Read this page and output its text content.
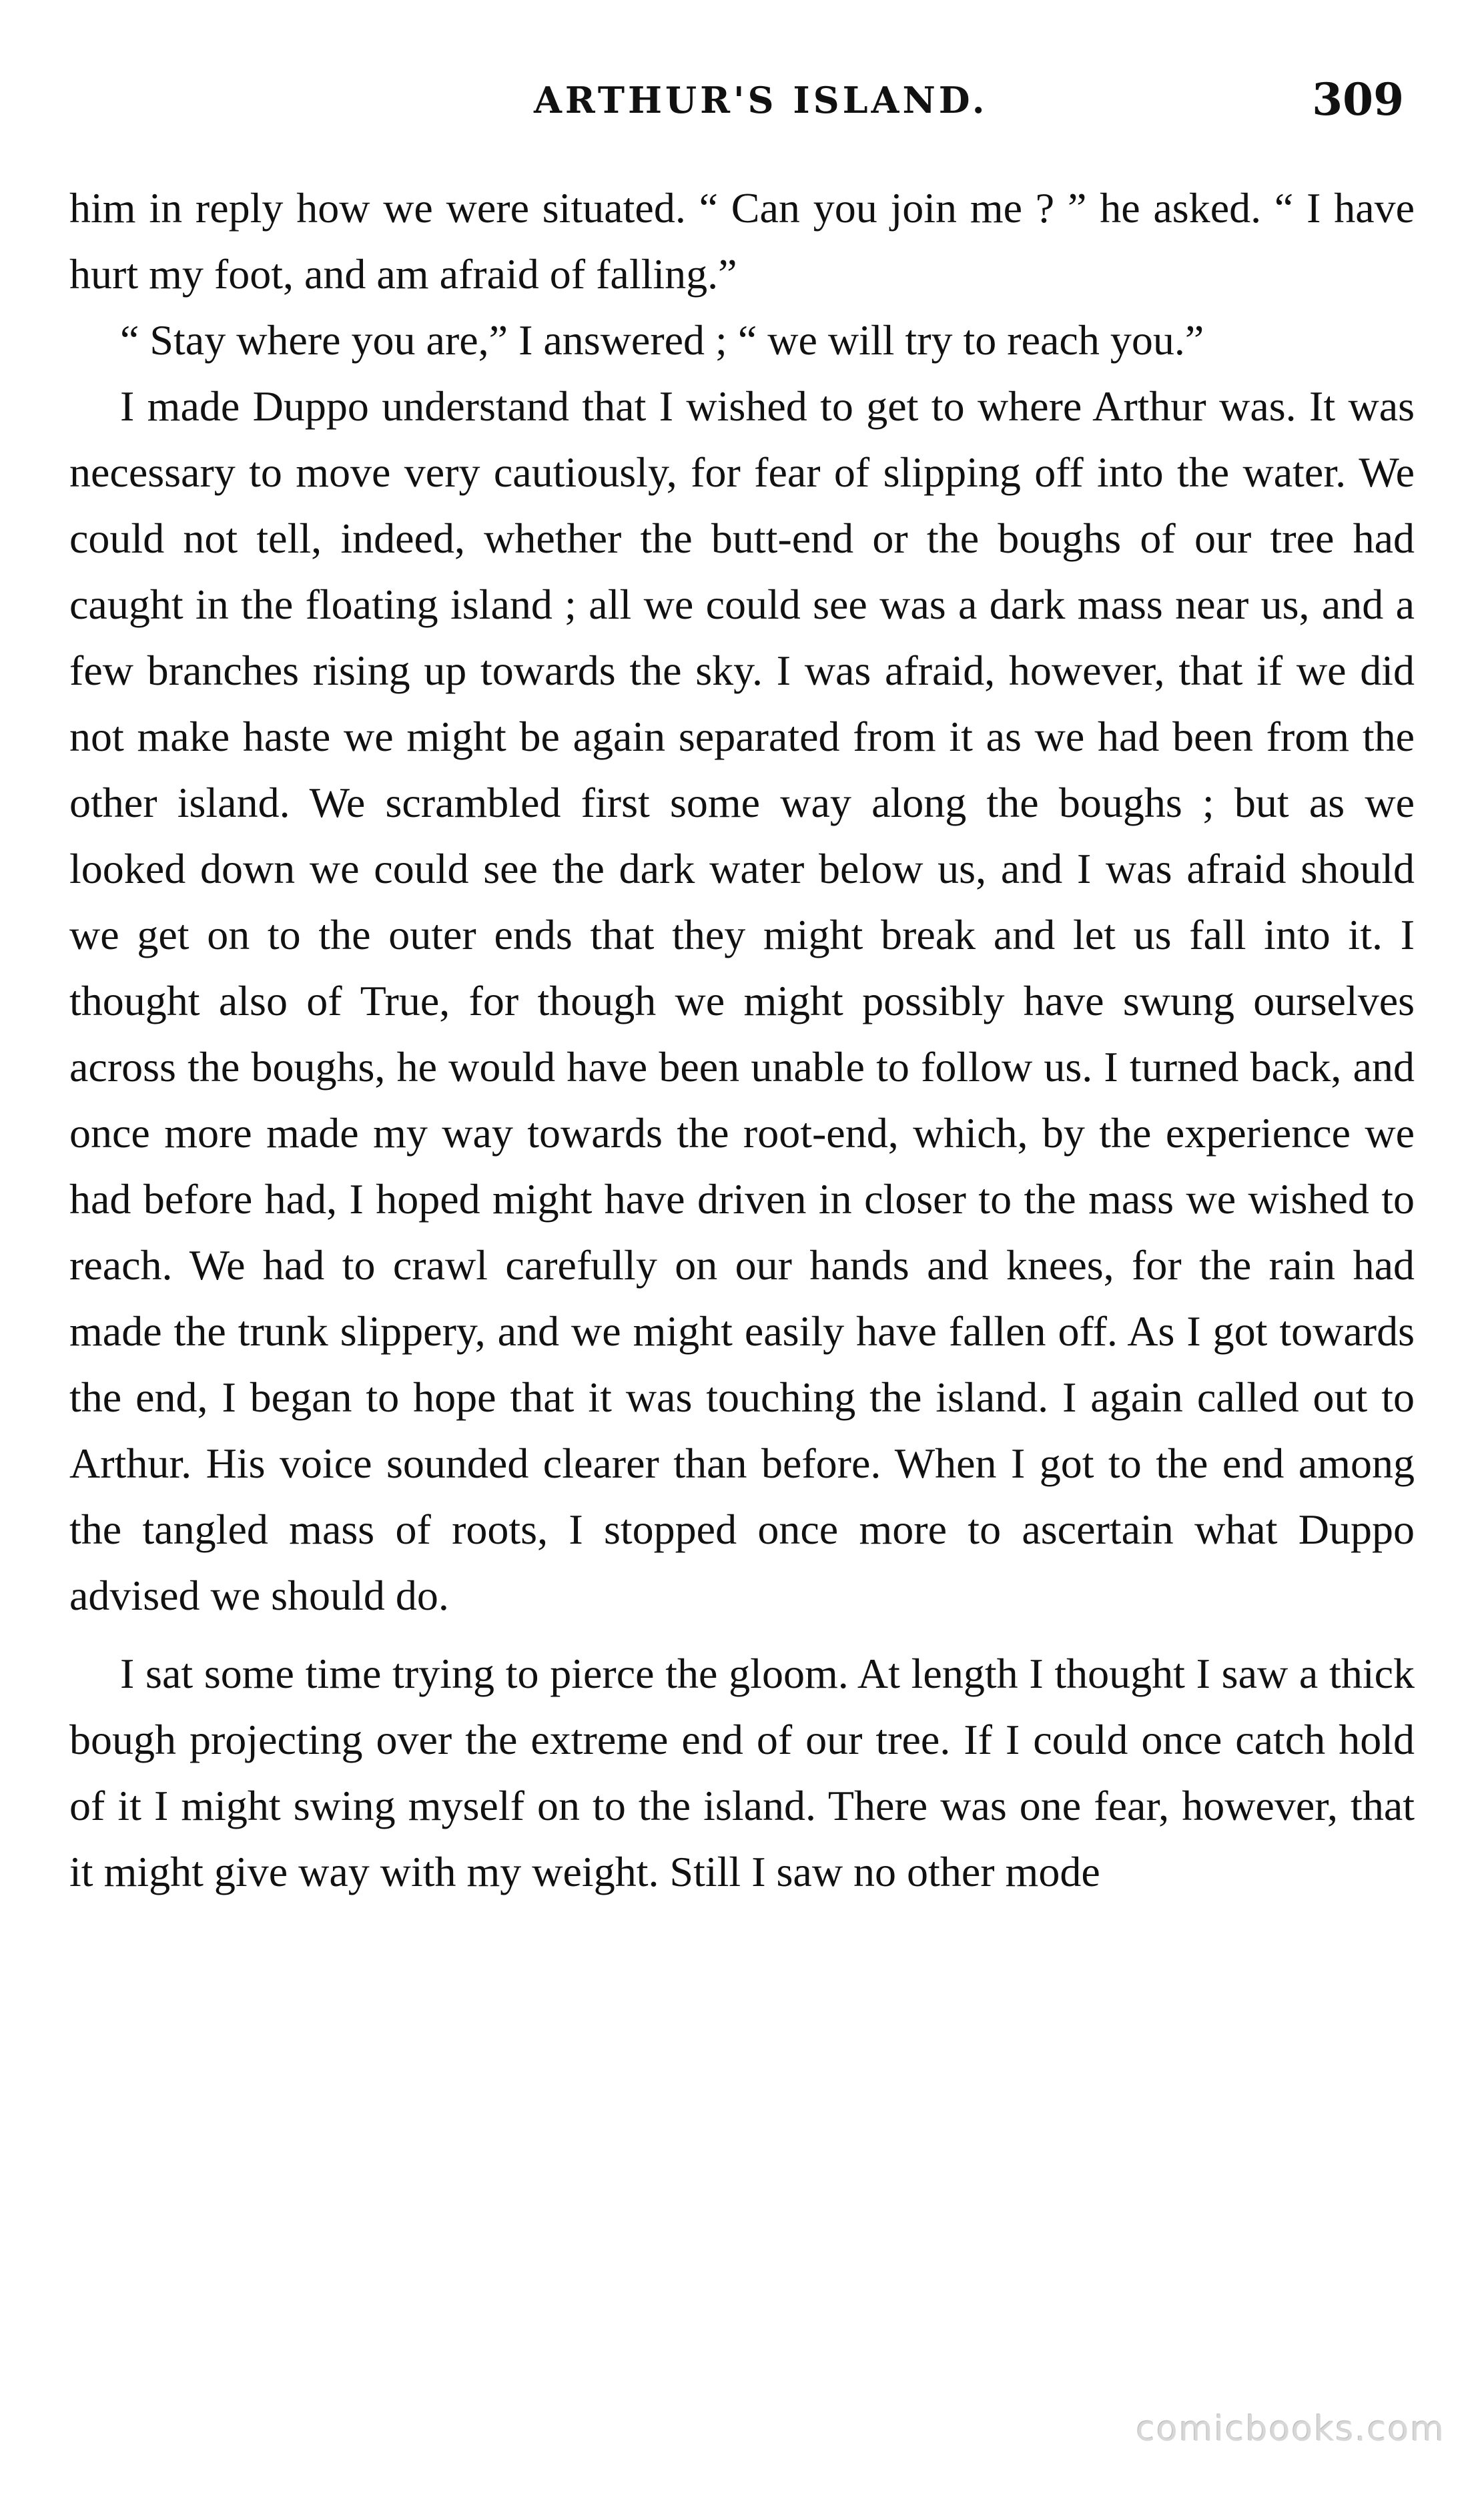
ARTHUR'S ISLAND.	309

him in reply how we were situated. “ Can you join me ? ” he asked. “ I have hurt my foot, and am afraid of falling.”

“ Stay where you are,” I answered ; “ we will try to reach you.”

I made Duppo understand that I wished to get to where Arthur was. It was necessary to move very cautiously, for fear of slipping off into the water. We could not tell, indeed, whether the butt-end or the boughs of our tree had caught in the floating island ; all we could see was a dark mass near us, and a few branches rising up towards the sky. I was afraid, however, that if we did not make haste we might be again separated from it as we had been from the other island. We scrambled first some way along the boughs ; but as we looked down we could see the dark water below us, and I was afraid should we get on to the outer ends that they might break and let us fall into it. I thought also of True, for though we might possibly have swung ourselves across the boughs, he would have been unable to follow us. I turned back, and once more made my way towards the root-end, which, by the experience we had before had, I hoped might have driven in closer to the mass we wished to reach. We had to crawl carefully on our hands and knees, for the rain had made the trunk slippery, and we might easily have fallen off. As I got towards the end, I began to hope that it was touching the island. I again called out to Arthur. His voice sounded clearer than before. When I got to the end among the tangled mass of roots, I stopped once more to ascertain what Duppo advised we should do.

I sat some time trying to pierce the gloom. At length I thought I saw a thick bough projecting over the extreme end of our tree. If I could once catch hold of it I might swing myself on to the island. There was one fear, however, that it might give way with my weight. Still I saw no other mode

comicbooks.com
